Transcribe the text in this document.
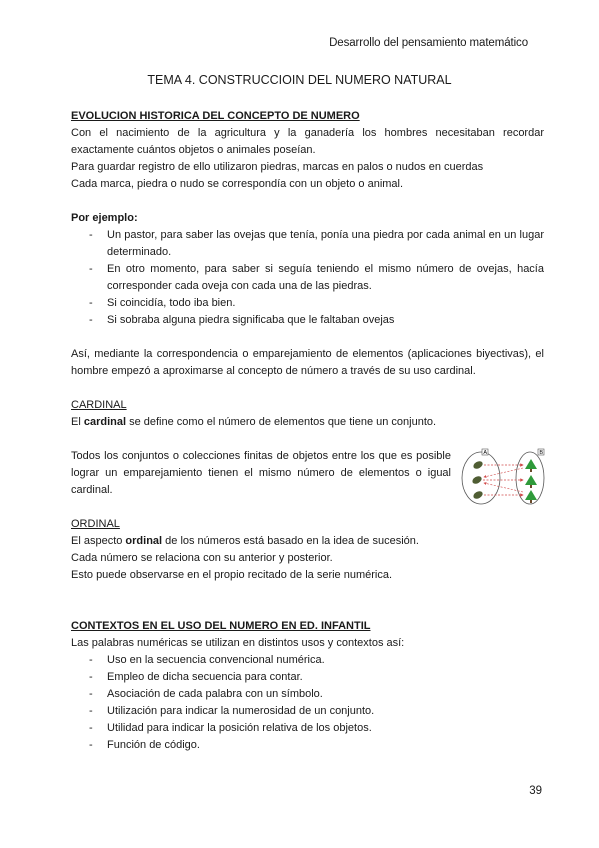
Desarrollo del pensamiento matemático
TEMA 4. CONSTRUCCIOIN DEL NUMERO NATURAL

EVOLUCION HISTORICA DEL CONCEPTO DE NUMERO

Con el nacimiento de la agricultura y la ganadería los hombres necesitaban recordar exactamente cuántos objetos o animales poseían.

Para guardar registro de ello utilizaron piedras, marcas en palos o nudos en cuerdas

Cada marca, piedra o nudo se correspondía con un objeto o animal.

Por ejemplo:

- Un pastor, para saber las ovejas que tenía, ponía una piedra por cada animal en un lugar determinado.
- En otro momento, para saber si seguía teniendo el mismo número de ovejas, hacía corresponder cada oveja con cada una de las piedras.
- Si coincidía, todo iba bien.
- Si sobraba alguna piedra significaba que le faltaban ovejas

Así, mediante la correspondencia o emparejamiento de elementos (aplicaciones biyectivas), el hombre empezó a aproximarse al concepto de número a través de su uso cardinal.

CARDINAL

El cardinal se define como el número de elementos que tiene un conjunto.

Todos los conjuntos o colecciones finitas de objetos entre los que es posible lograr un emparejamiento tienen el mismo número de elementos o igual cardinal.

A	B

ORDINAL

El aspecto ordinal de los números está basado en la idea de sucesión.

Cada número se relaciona con su anterior y posterior.

Esto puede observarse en el propio recitado de la serie numérica.

CONTEXTOS EN EL USO DEL NUMERO EN ED. INFANTIL

Las palabras numéricas se utilizan en distintos usos y contextos así:

- Uso en la secuencia convencional numérica.
- Empleo de dicha secuencia para contar.
- Asociación de cada palabra con un símbolo.
- Utilización para indicar la numerosidad de un conjunto.
- Utilidad para indicar la posición relativa de los objetos.
- Función de código.
39
